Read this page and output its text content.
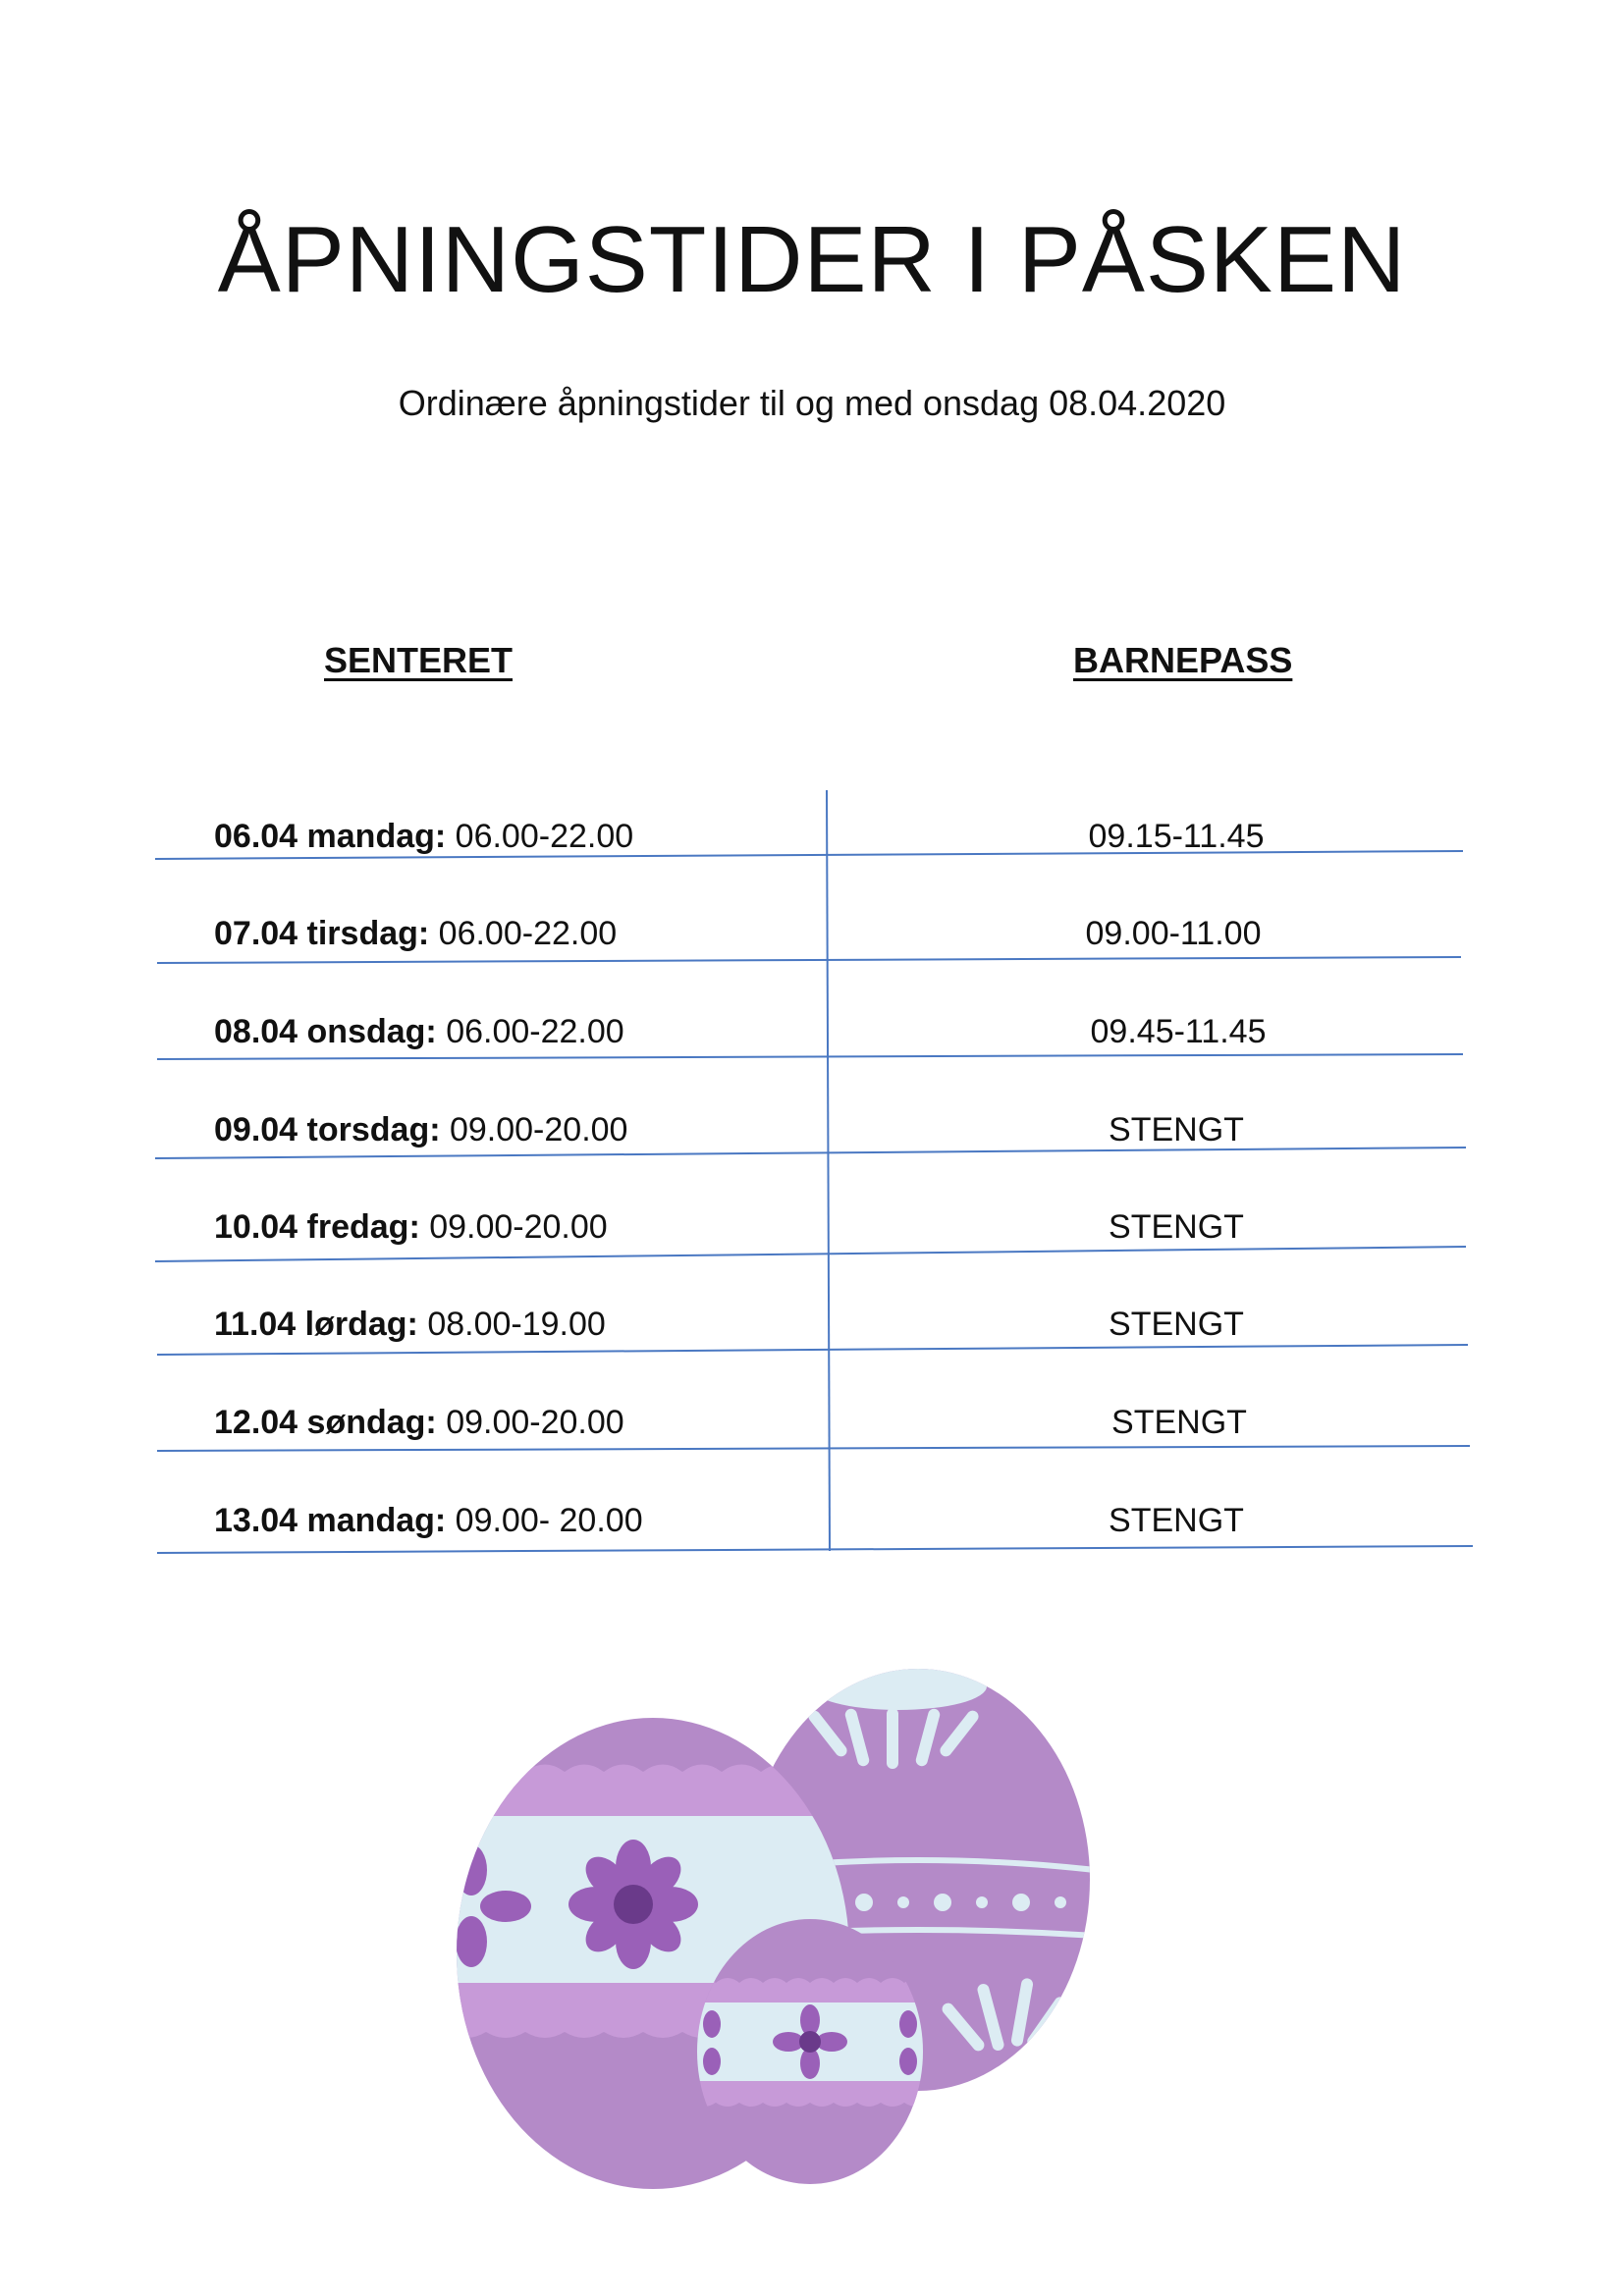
ÅPNINGSTIDER I PÅSKEN

Ordinære åpningstider til og med onsdag 08.04.2020

SENTERET	BARNEPASS

06.04 mandag: 06.00-22.00	09.15-11.45
07.04 tirsdag: 06.00-22.00	09.00-11.00
08.04 onsdag: 06.00-22.00	09.45-11.45
09.04 torsdag: 09.00-20.00	STENGT
10.04 fredag: 09.00-20.00	STENGT
11.04 lørdag: 08.00-19.00	STENGT
12.04 søndag: 09.00-20.00	STENGT
13.04 mandag: 09.00- 20.00	STENGT
